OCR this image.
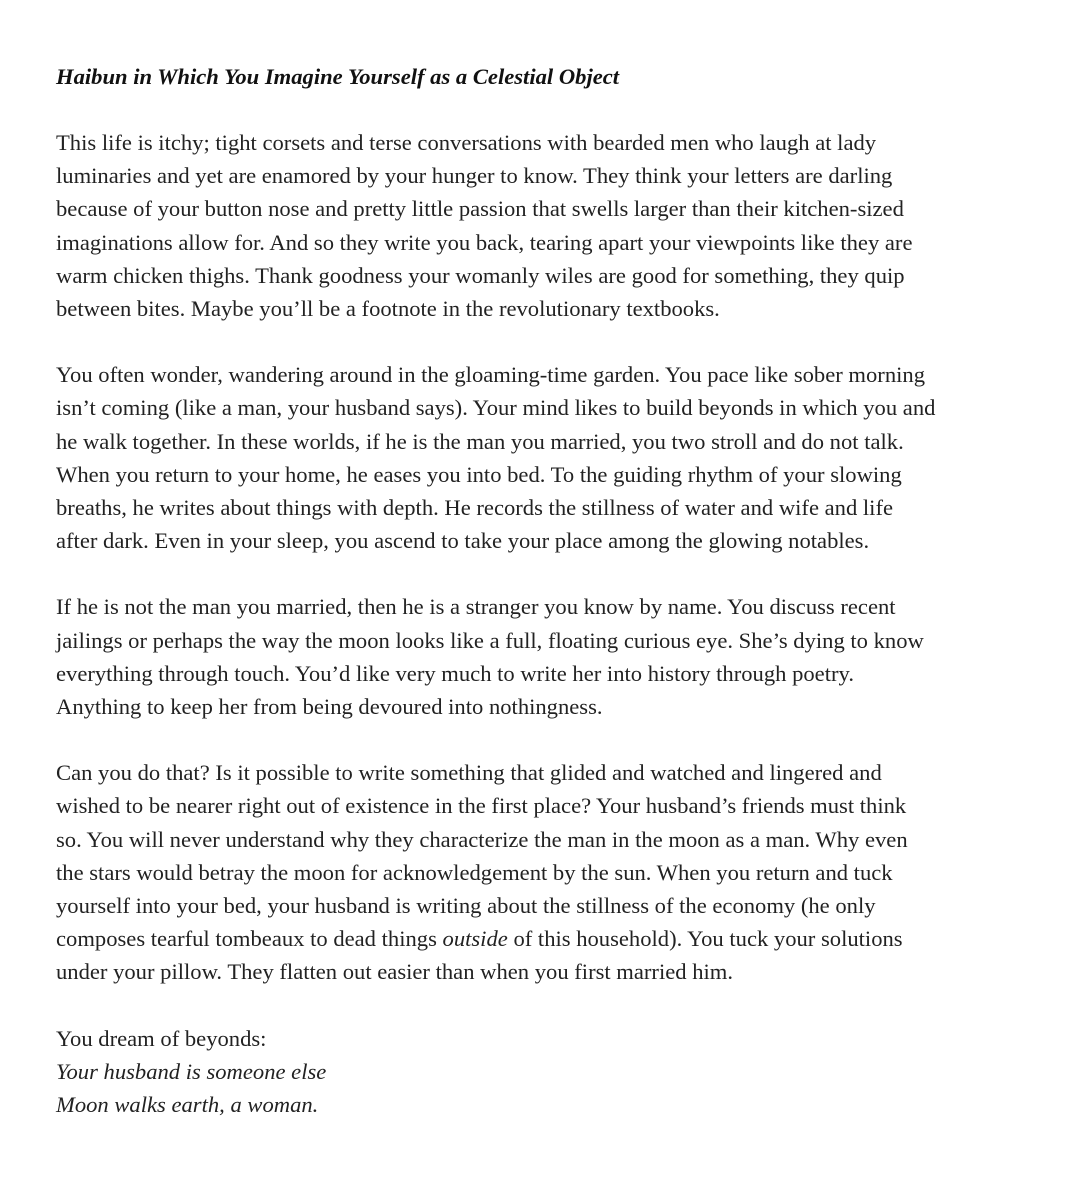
Haibun in Which You Imagine Yourself as a Celestial Object
This life is itchy; tight corsets and terse conversations with bearded men who laugh at lady
luminaries and yet are enamored by your hunger to know. They think your letters are darling
because of your button nose and pretty little passion that swells larger than their kitchen-sized
imaginations allow for. And so they write you back, tearing apart your viewpoints like they are
warm chicken thighs. Thank goodness your womanly wiles are good for something, they quip
between bites. Maybe you’ll be a footnote in the revolutionary textbooks.
You often wonder, wandering around in the gloaming-time garden. You pace like sober morning
isn’t coming (like a man, your husband says). Your mind likes to build beyonds in which you and
he walk together. In these worlds, if he is the man you married, you two stroll and do not talk.
When you return to your home, he eases you into bed. To the guiding rhythm of your slowing
breaths, he writes about things with depth. He records the stillness of water and wife and life
after dark. Even in your sleep, you ascend to take your place among the glowing notables.
If he is not the man you married, then he is a stranger you know by name. You discuss recent
jailings or perhaps the way the moon looks like a full, floating curious eye. She’s dying to know
everything through touch. You’d like very much to write her into history through poetry.
Anything to keep her from being devoured into nothingness.
Can you do that? Is it possible to write something that glided and watched and lingered and
wished to be nearer right out of existence in the first place? Your husband’s friends must think
so. You will never understand why they characterize the man in the moon as a man. Why even
the stars would betray the moon for acknowledgement by the sun. When you return and tuck
yourself into your bed, your husband is writing about the stillness of the economy (he only
composes tearful tombeaux to dead things outside of this household). You tuck your solutions
under your pillow. They flatten out easier than when you first married him.
You dream of beyonds:
Your husband is someone else
Moon walks earth, a woman.
